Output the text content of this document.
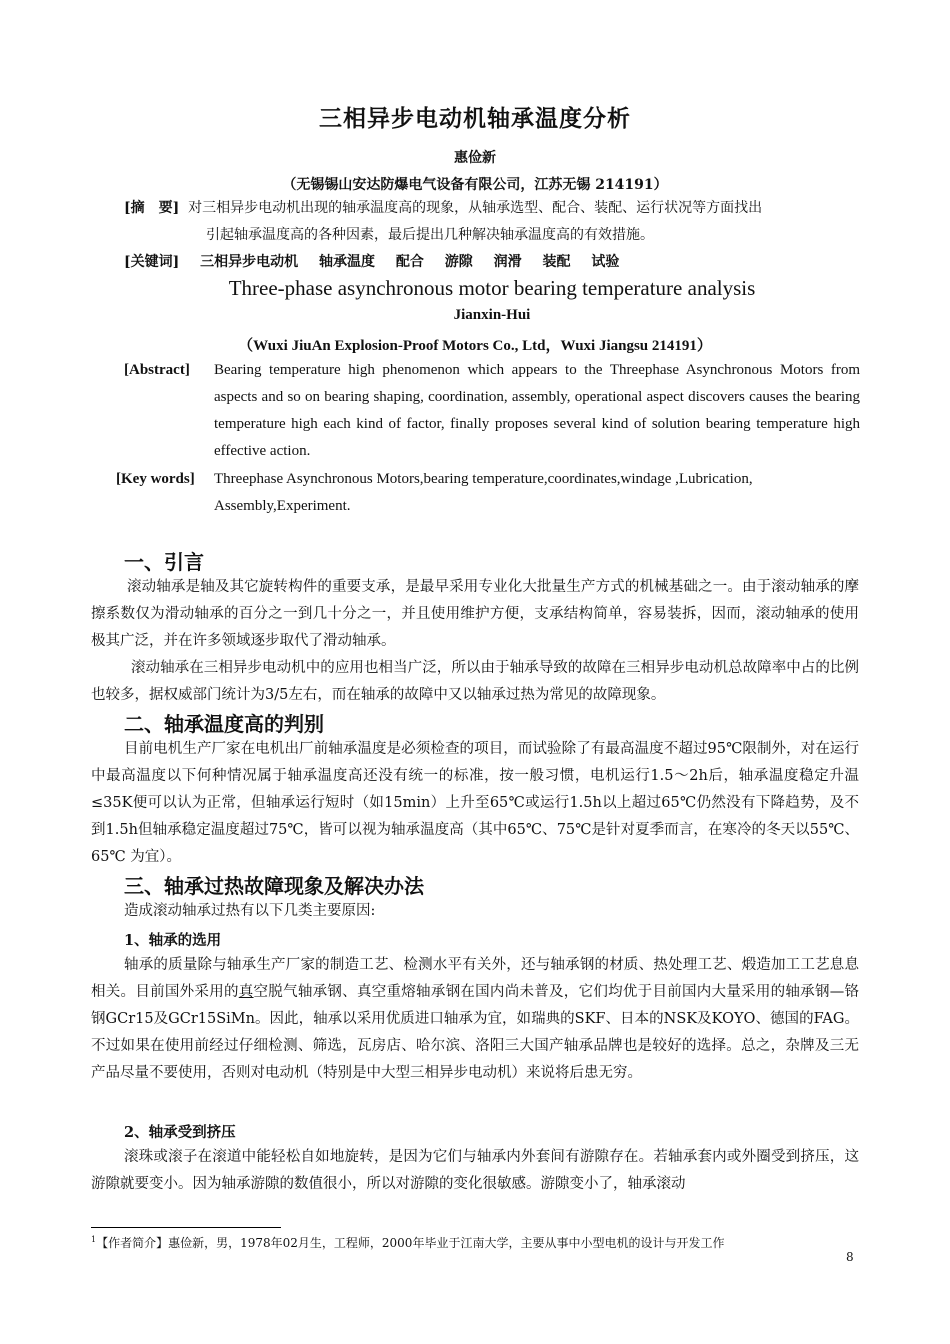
三相异步电动机轴承温度分析
惠俭新
（无锡锡山安达防爆电气设备有限公司，江苏无锡 214191）
[摘　要] 对三相异步电动机出现的轴承温度高的现象，从轴承选型、配合、装配、运行状况等方面找出
引起轴承温度高的各种因素，最后提出几种解决轴承温度高的有效措施。
[关键词] 三相异步电动机 轴承温度 配合 游隙 润滑 装配 试验
Three-phase asynchronous motor bearing temperature analysis
Jianxin-Hui
（Wuxi JiuAn Explosion-Proof Motors Co., Ltd，Wuxi Jiangsu 214191）
[Abstract] Bearing temperature high phenomenon which appears to the Threephase Asynchronous Motors from aspects and so on bearing shaping, coordination, assembly, operational aspect discovers causes the bearing temperature high each kind of factor, finally proposes several kind of solution bearing temperature high effective action.
[Key words] Threephase Asynchronous Motors,bearing temperature,coordinates,windage ,Lubrication,
Assembly,Experiment.
一、引言
滚动轴承是轴及其它旋转构件的重要支承，是最早采用专业化大批量生产方式的机械基础之一。由于滚动轴承的摩擦系数仅为滑动轴承的百分之一到几十分之一，并且使用维护方便，支承结构简单，容易装拆，因而，滚动轴承的使用极其广泛，并在许多领域逐步取代了滑动轴承。
滚动轴承在三相异步电动机中的应用也相当广泛，所以由于轴承导致的故障在三相异步电动机总故障率中占的比例也较多，据权威部门统计为3/5左右，而在轴承的故障中又以轴承过热为常见的故障现象。
二、轴承温度高的判别
目前电机生产厂家在电机出厂前轴承温度是必须检查的项目，而试验除了有最高温度不超过95℃限制外，对在运行中最高温度以下何种情况属于轴承温度高还没有统一的标准，按一般习惯，电机运行1.5～2h后，轴承温度稳定升温≤35K便可以认为正常，但轴承运行短时（如15min）上升至65℃或运行1.5h以上超过65℃仍然没有下降趋势，及不到1.5h但轴承稳定温度超过75℃，皆可以视为轴承温度高（其中65℃、75℃是针对夏季而言，在寒冷的冬天以55℃、65℃ 为宜）。
三、轴承过热故障现象及解决办法
造成滚动轴承过热有以下几类主要原因:
1、轴承的选用
轴承的质量除与轴承生产厂家的制造工艺、检测水平有关外，还与轴承钢的材质、热处理工艺、煅造加工工艺息息相关。目前国外采用的真空脱气轴承钢、真空重熔轴承钢在国内尚未普及，它们均优于目前国内大量采用的轴承钢—铬钢GCr15及GCr15SiMn。因此，轴承以采用优质进口轴承为宜，如瑞典的SKF、日本的NSK及KOYO、德国的FAG。不过如果在使用前经过仔细检测、筛选，瓦房店、哈尔滨、洛阳三大国产轴承品牌也是较好的选择。总之，杂牌及三无产品尽量不要使用，否则对电动机（特别是中大型三相异步电动机）来说将后患无穷。
2、轴承受到挤压
滚珠或滚子在滚道中能轻松自如地旋转，是因为它们与轴承内外套间有游隙存在。若轴承套内或外圈受到挤压，这游隙就要变小。因为轴承游隙的数值很小，所以对游隙的变化很敏感。游隙变小了，轴承滚动
$^1$【作者简介】惠俭新，男，1978年02月生，工程师，2000年毕业于江南大学，主要从事中小型电机的设计与开发工作
8
